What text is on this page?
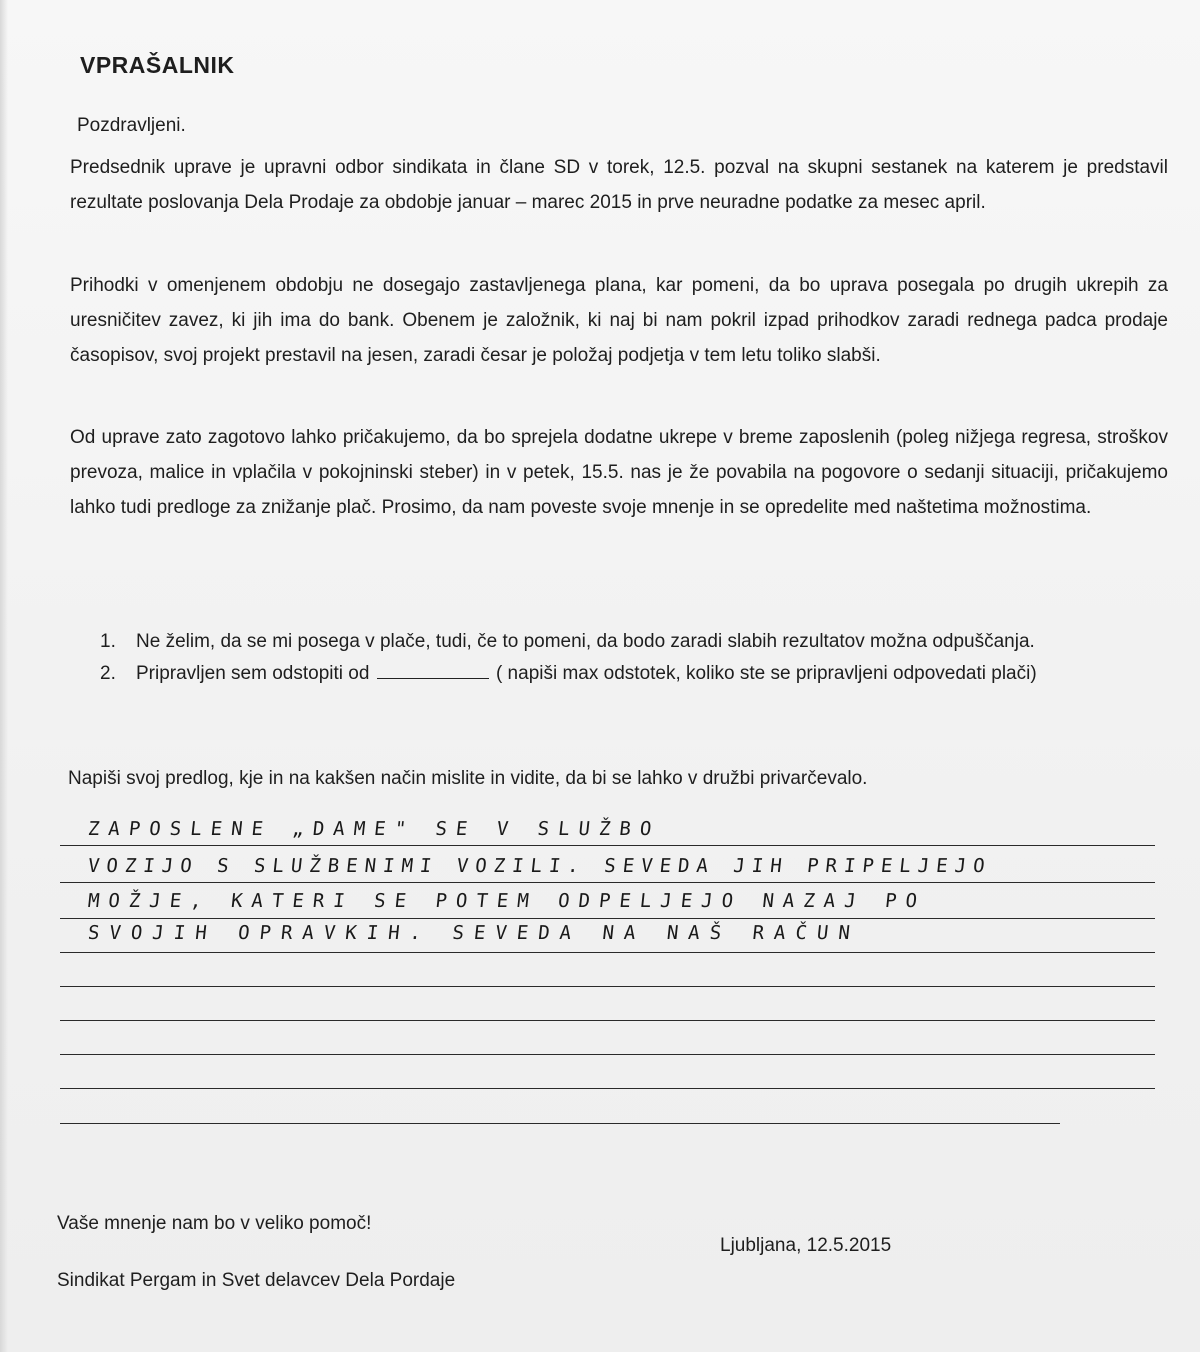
VPRAŠALNIK
Pozdravljeni.
Predsednik uprave je upravni odbor sindikata in člane SD v torek, 12.5. pozval na skupni sestanek na katerem je predstavil rezultate poslovanja Dela Prodaje za obdobje januar – marec 2015 in prve neuradne podatke za mesec april.
Prihodki v omenjenem obdobju ne dosegajo zastavljenega plana, kar pomeni, da bo uprava posegala po drugih ukrepih za uresničitev zavez, ki jih ima do bank. Obenem je založnik, ki naj bi nam pokril izpad prihodkov zaradi rednega padca prodaje časopisov, svoj projekt prestavil na jesen, zaradi česar je položaj podjetja v tem letu toliko slabši.
Od uprave zato zagotovo lahko pričakujemo, da bo sprejela dodatne ukrepe v breme zaposlenih (poleg nižjega regresa, stroškov prevoza, malice in vplačila v pokojninski steber) in v petek, 15.5. nas je že povabila na pogovore o sedanji situaciji, pričakujemo lahko tudi predloge za znižanje plač. Prosimo, da nam poveste svoje mnenje in se opredelite med naštetima možnostima.
1.	Ne želim, da se mi posega v plače, tudi, če to pomeni, da bodo zaradi slabih rezultatov možna odpuščanja.
2.	Pripravljen sem odstopiti od	( napiši max odstotek, koliko ste se pripravljeni odpovedati plači)
Napiši svoj predlog, kje in na kakšen način mislite in vidite, da bi se lahko v družbi privarčevalo.
ZAPOSLENE „DAME" SE V SLUŽBO
VOZIJO S SLUŽBENIMI VOZILI. SEVEDA JIH PRIPELJEJO
MOŽJE, KATERI SE POTEM ODPELJEJO NAZAJ PO
SVOJIH OPRAVKIH. SEVEDA NA NAŠ RAČUN
Vaše mnenje nam bo v veliko pomoč!
Ljubljana, 12.5.2015
Sindikat Pergam in Svet delavcev Dela Pordaje
